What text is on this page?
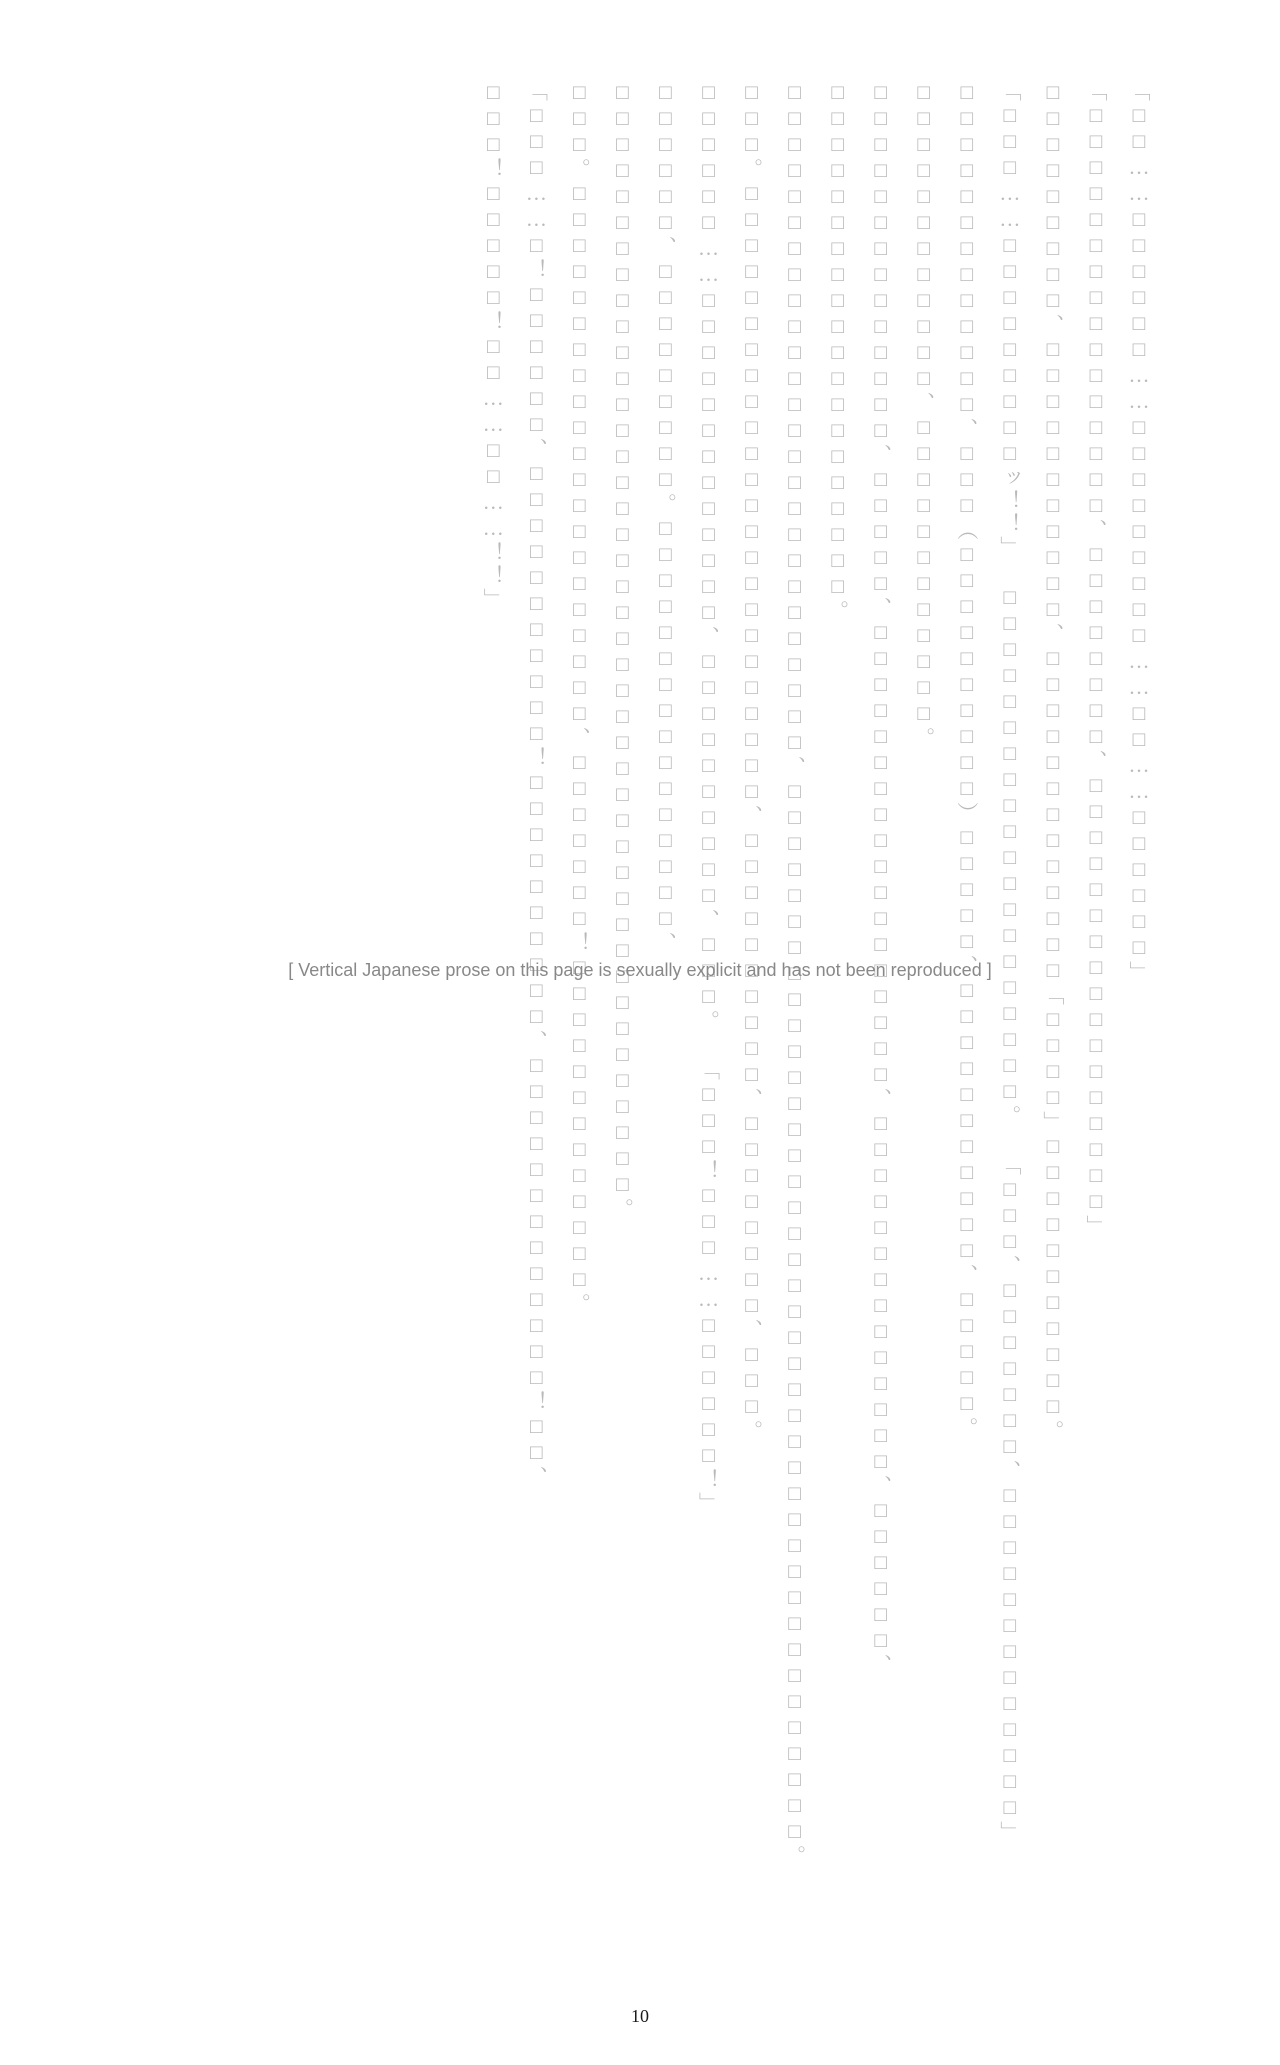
「□□……□□□□□□……□□□□□□□□□……□□……□□□□□□」 「□□□□□□□□□□□□□□□□、□□□□□□□□、□□□□□□□□□□□□□□□□□」 □□□□□□□□□、□□□□□□□□□□□、□□□□□□□□□□□□□「□□□□」□□□□□□□□□□□。 「□□□……□□□□□□□□□ッ！！」 □□□□□□□□□□□□□□□□□□□□。 「□□□、□□□□□□□、□□□□□□□□□□□□□」 □□□□□□□□□□□□□、□□□（□□□□□□□□□□）□□□□□、□□□□□□□□□□□、□□□□□。 □□□□□□□□□□□□、□□□□□□□□□□□□。 □□□□□□□□□□□□□□、□□□□□、□□□□□□□□□□□□□□□□□□、□□□□□□□□□□□□□□、□□□□□□、□□□□□□□□□□□□□□□□□□□□。 □□□□□□□□□□□□□□□□□□□□□□□□□□、□□□□□□□□□□□□□□□□□□□□□□□□□□□□□□□□□□□□□□□□□。 □□□。□□□□□□□□□□□□□□□□□□□□□□□□、□□□□□□□□□□、□□□□□□□□、□□□。 □□□□□□……□□□□□□□□□□□□□、□□□□□□□□□□、□□□。 「□□□！□□□……□□□□□□！」 □□□□□□、□□□□□□□□□。□□□□□□□□□□□□□□□□、□□□□□□□□□□□□□□□□□□□□□□□□□□□□□□□□□□□□□□□□□□□。 □□□。□□□□□□□□□□□□□□□□□□□□□、□□□□□□□！□□□□□□□□□□□□□。 「□□□……□！□□□□□□、□□□□□□□□□□□！□□□□□□□□□□、□□□□□□□□□□□□□！□□、 □□□！□□□□□！□□……□□……！！」
[ Vertical Japanese prose on this page is sexually explicit and has not been reproduced ]
10
